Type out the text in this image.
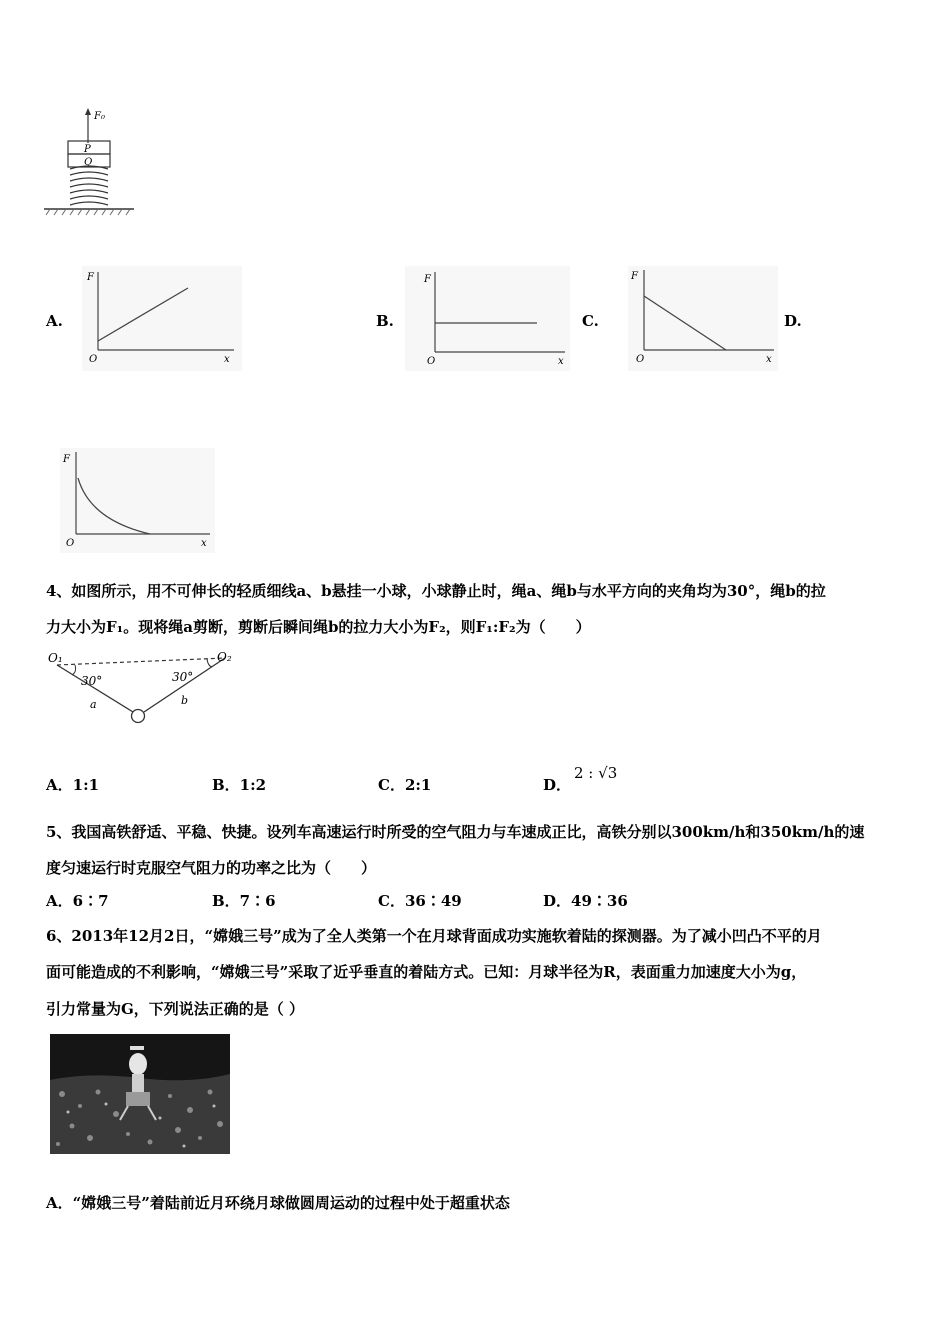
F₀
P
Q
A.	B.	C.	D.
F
O	x
F
O	x
F
O	x
F
O	x
4、如图所示，用不可伸长的轻质细线a、b悬挂一小球，小球静止时，绳a、绳b与水平方向的夹角均为30°，绳b的拉
力大小为F₁。现将绳a剪断，剪断后瞬间绳b的拉力大小为F₂，则F₁:F₂为（　　）
O₁	O₂
30°	30°
a	b
A．1:1	B．1:2	C．2:1	D．
2 : √3
5、我国高铁舒适、平稳、快捷。设列车高速运行时所受的空气阻力与车速成正比，高铁分别以300km/h和350km/h的速
度匀速运行时克服空气阻力的功率之比为（　　）
A．6∶7	B．7∶6	C．36∶49	D．49∶36
6、2013年12月2日，“嫦娥三号”成为了全人类第一个在月球背面成功实施软着陆的探测器。为了减小凹凸不平的月
面可能造成的不利影响，“嫦娥三号”采取了近乎垂直的着陆方式。已知：月球半径为R，表面重力加速度大小为g，
引力常量为G，下列说法正确的是（ ）
A．“嫦娥三号”着陆前近月环绕月球做圆周运动的过程中处于超重状态
